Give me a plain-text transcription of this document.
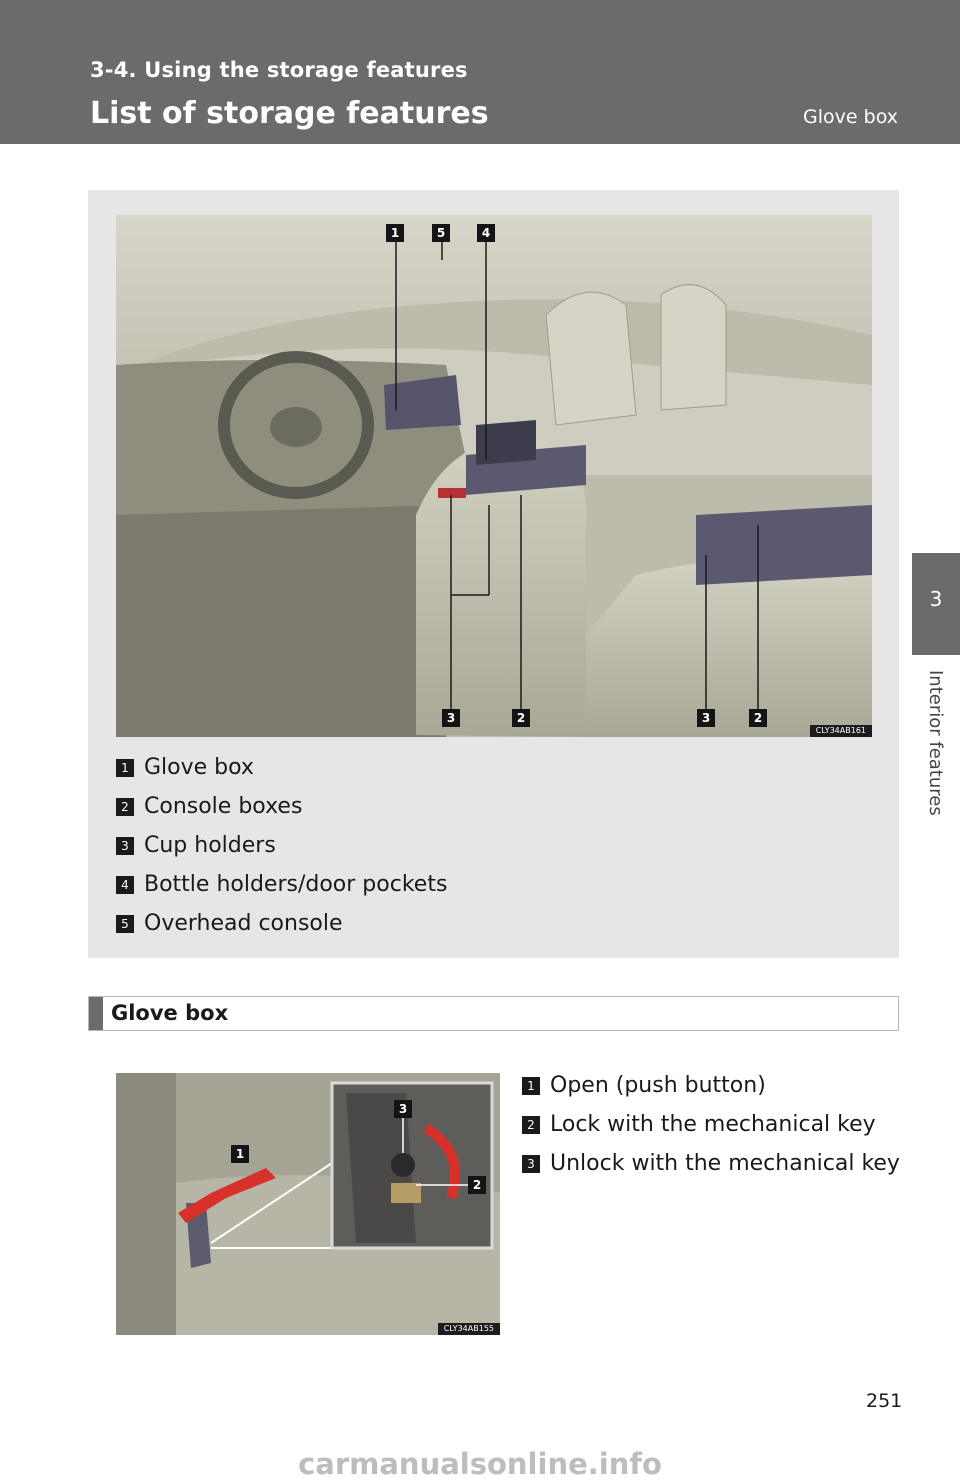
3-4. Using the storage features
List of storage features	Glove box
3
Interior features
1	5	4
3	2	3	2
CLY34AB161
1 Glove box
2 Console boxes
3 Cup holders
4 Bottle holders/door pockets
5 Overhead console
Glove box
1
3
2
CLY34AB155
1 Open (push button)
2 Lock with the mechanical key
3 Unlock with the mechanical key
251
carmanualsonline.info
